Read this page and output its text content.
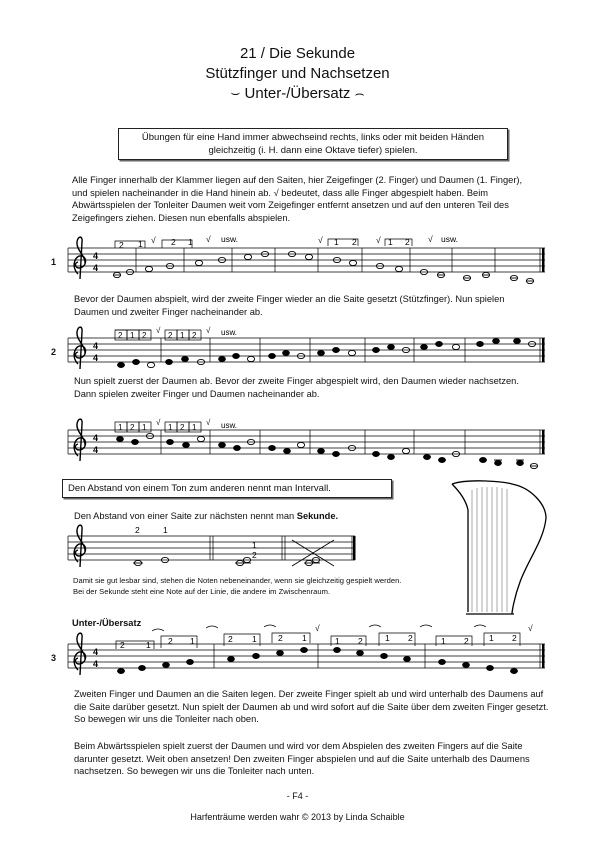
21 / Die Sekunde
Stützfinger und Nachsetzen
⌣ Unter-/Übersatz ⌢
Übungen für eine Hand immer abwechseind rechts, links oder mit beiden Händen gleichzeitig (i. H. dann eine Oktave tiefer) spielen.
Alle Finger innerhalb der Klammer liegen auf den Saiten, hier Zeigefinger (2. Finger) und Daumen (1. Finger), und spielen nacheinander in die Hand hinein ab. √ bedeutet, dass alle Finger abgespielt haben. Beim Abwärtsspielen der Tonleiter Daumen weit vom Zeigefinger entfernt ansetzen und auf den unteren Teil des Zeigefingers ziehen. Diesen nun ebenfalls abspielen.
1
2
3
Bevor der Daumen abspielt, wird der zweite Finger wieder an die Saite gesetzt (Stützfinger). Nun spielen Daumen und zweiter Finger nacheinander ab.
Nun spielt zuerst der Daumen ab. Bevor der zweite Finger abgespielt wird, den Daumen wieder nachsetzen. Dann spielen zweiter Finger und Daumen nacheinander ab.
Den Abstand von einem Ton zum anderen nennt man Intervall.
Den Abstand von einer Saite zur nächsten nennt man Sekunde.
Damit sie gut lesbar sind, stehen die Noten nebeneinander, wenn sie gleichzeitig gespielt werden. Bei der Sekunde steht eine Note auf der Linie, die andere im Zwischenraum.
Unter-/Übersatz
Zweiten Finger und Daumen an die Saiten legen. Der zweite Finger spielt ab und wird unterhalb des Daumens auf die Saite darüber gesetzt. Nun spielt der Daumen ab und wird sofort auf die Saite über dem zweiten Finger gesetzt. So bewegen wir uns die Tonleiter nach oben.
Beim Abwärtsspielen spielt zuerst der Daumen und wird vor dem Abspielen des zweiten Fingers auf die Saite darunter gesetzt. Weit oben ansetzen! Den zweiten Finger abspielen und auf die Saite unterhalb des Daumens nachsetzen. So bewegen wir uns die Tonleiter nach unten.
- F4 -
Harfenträume werden wahr © 2013 by Linda Schaible
4
4
2 1 √ 2 1 √ usw.	√ 1 2 √ 1 2 √ usw.
4
4
2 1 2
√
2 1 2
√ usw.
4
4
1 2 1
√
1 2 1
√ usw.
2	1
1
2
4
4
2	1 2 1	2 1	2 1
√
1 2	1 2	1 2 1 2
√
